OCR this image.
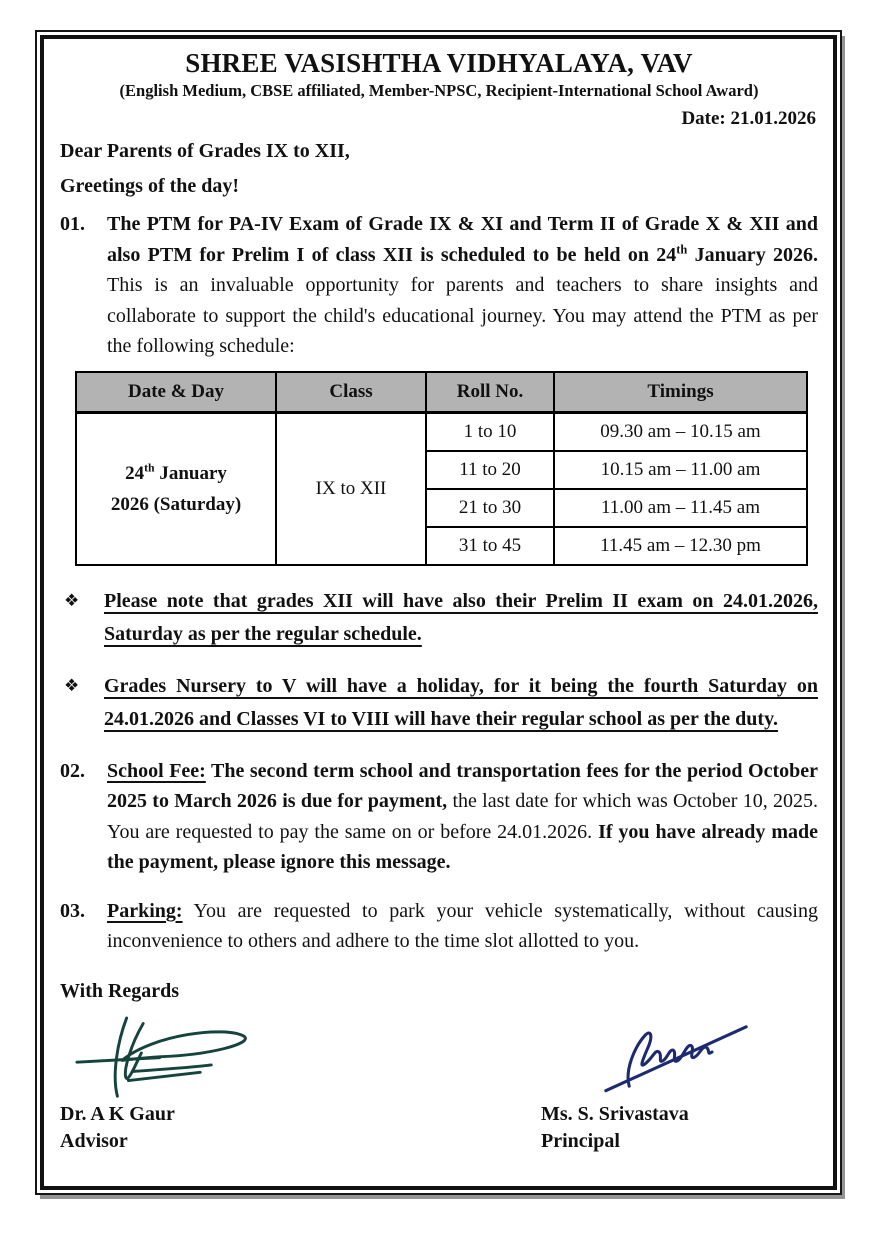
SHREE VASISHTHA VIDHYALAYA, VAV
(English Medium, CBSE affiliated, Member-NPSC, Recipient-International School Award)
Date: 21.01.2026
Dear Parents of Grades IX to XII,
Greetings of the day!
01.	The PTM for PA-IV Exam of Grade IX & XI and Term II of Grade X & XII and also PTM for Prelim I of class XII is scheduled to be held on 24th January 2026. This is an invaluable opportunity for parents and teachers to share insights and collaborate to support the child's educational journey. You may attend the PTM as per the following schedule:
Date & Day	Class	Roll No.	Timings
24th January
2026 (Saturday)	IX to XII	1 to 10	09.30 am – 10.15 am
		11 to 20	10.15 am – 11.00 am
		21 to 30	11.00 am – 11.45 am
		31 to 45	11.45 am – 12.30 pm
❖	Please note that grades XII will have also their Prelim II exam on 24.01.2026, Saturday as per the regular schedule.
❖	Grades Nursery to V will have a holiday, for it being the fourth Saturday on 24.01.2026 and Classes VI to VIII will have their regular school as per the duty.
02.	School Fee: The second term school and transportation fees for the period October 2025 to March 2026 is due for payment, the last date for which was October 10, 2025. You are requested to pay the same on or before 24.01.2026. If you have already made the payment, please ignore this message.
03.	Parking: You are requested to park your vehicle systematically, without causing inconvenience to others and adhere to the time slot allotted to you.
With Regards
Dr. A K Gaur
Advisor
Ms. S. Srivastava
Principal
